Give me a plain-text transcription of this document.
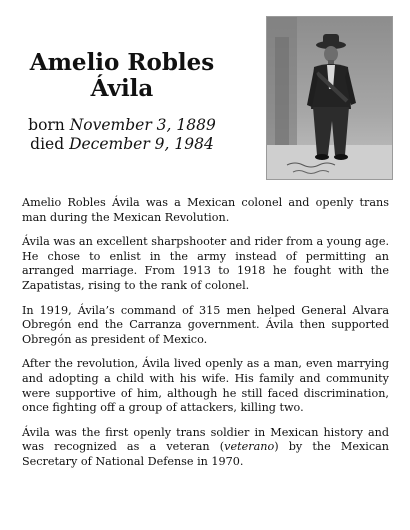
Amelio Robles
Ávila
born November 3, 1889
died December 9, 1984

Amelio Robles Ávila was a Mexican colonel and openly trans man during the Mexican Revolution.

Ávila was an excellent sharpshooter and rider from a young age. He chose to enlist in the army instead of permitting an arranged marriage. From 1913 to 1918 he fought with the Zapatistas, rising to the rank of colonel.

In 1919, Ávila’s command of 315 men helped General Alvara Obregón end the Carranza government. Ávila then supported Obregón as president of Mexico.

After the revolution, Ávila lived openly as a man, even marrying and adopting a child with his wife. His family and community were supportive of him, although he still faced discrimination, once fighting off a group of attackers, killing two.

Ávila was the first openly trans soldier in Mexican history and was recognized as a veteran (veterano) by the Mexican Secretary of National Defense in 1970.
